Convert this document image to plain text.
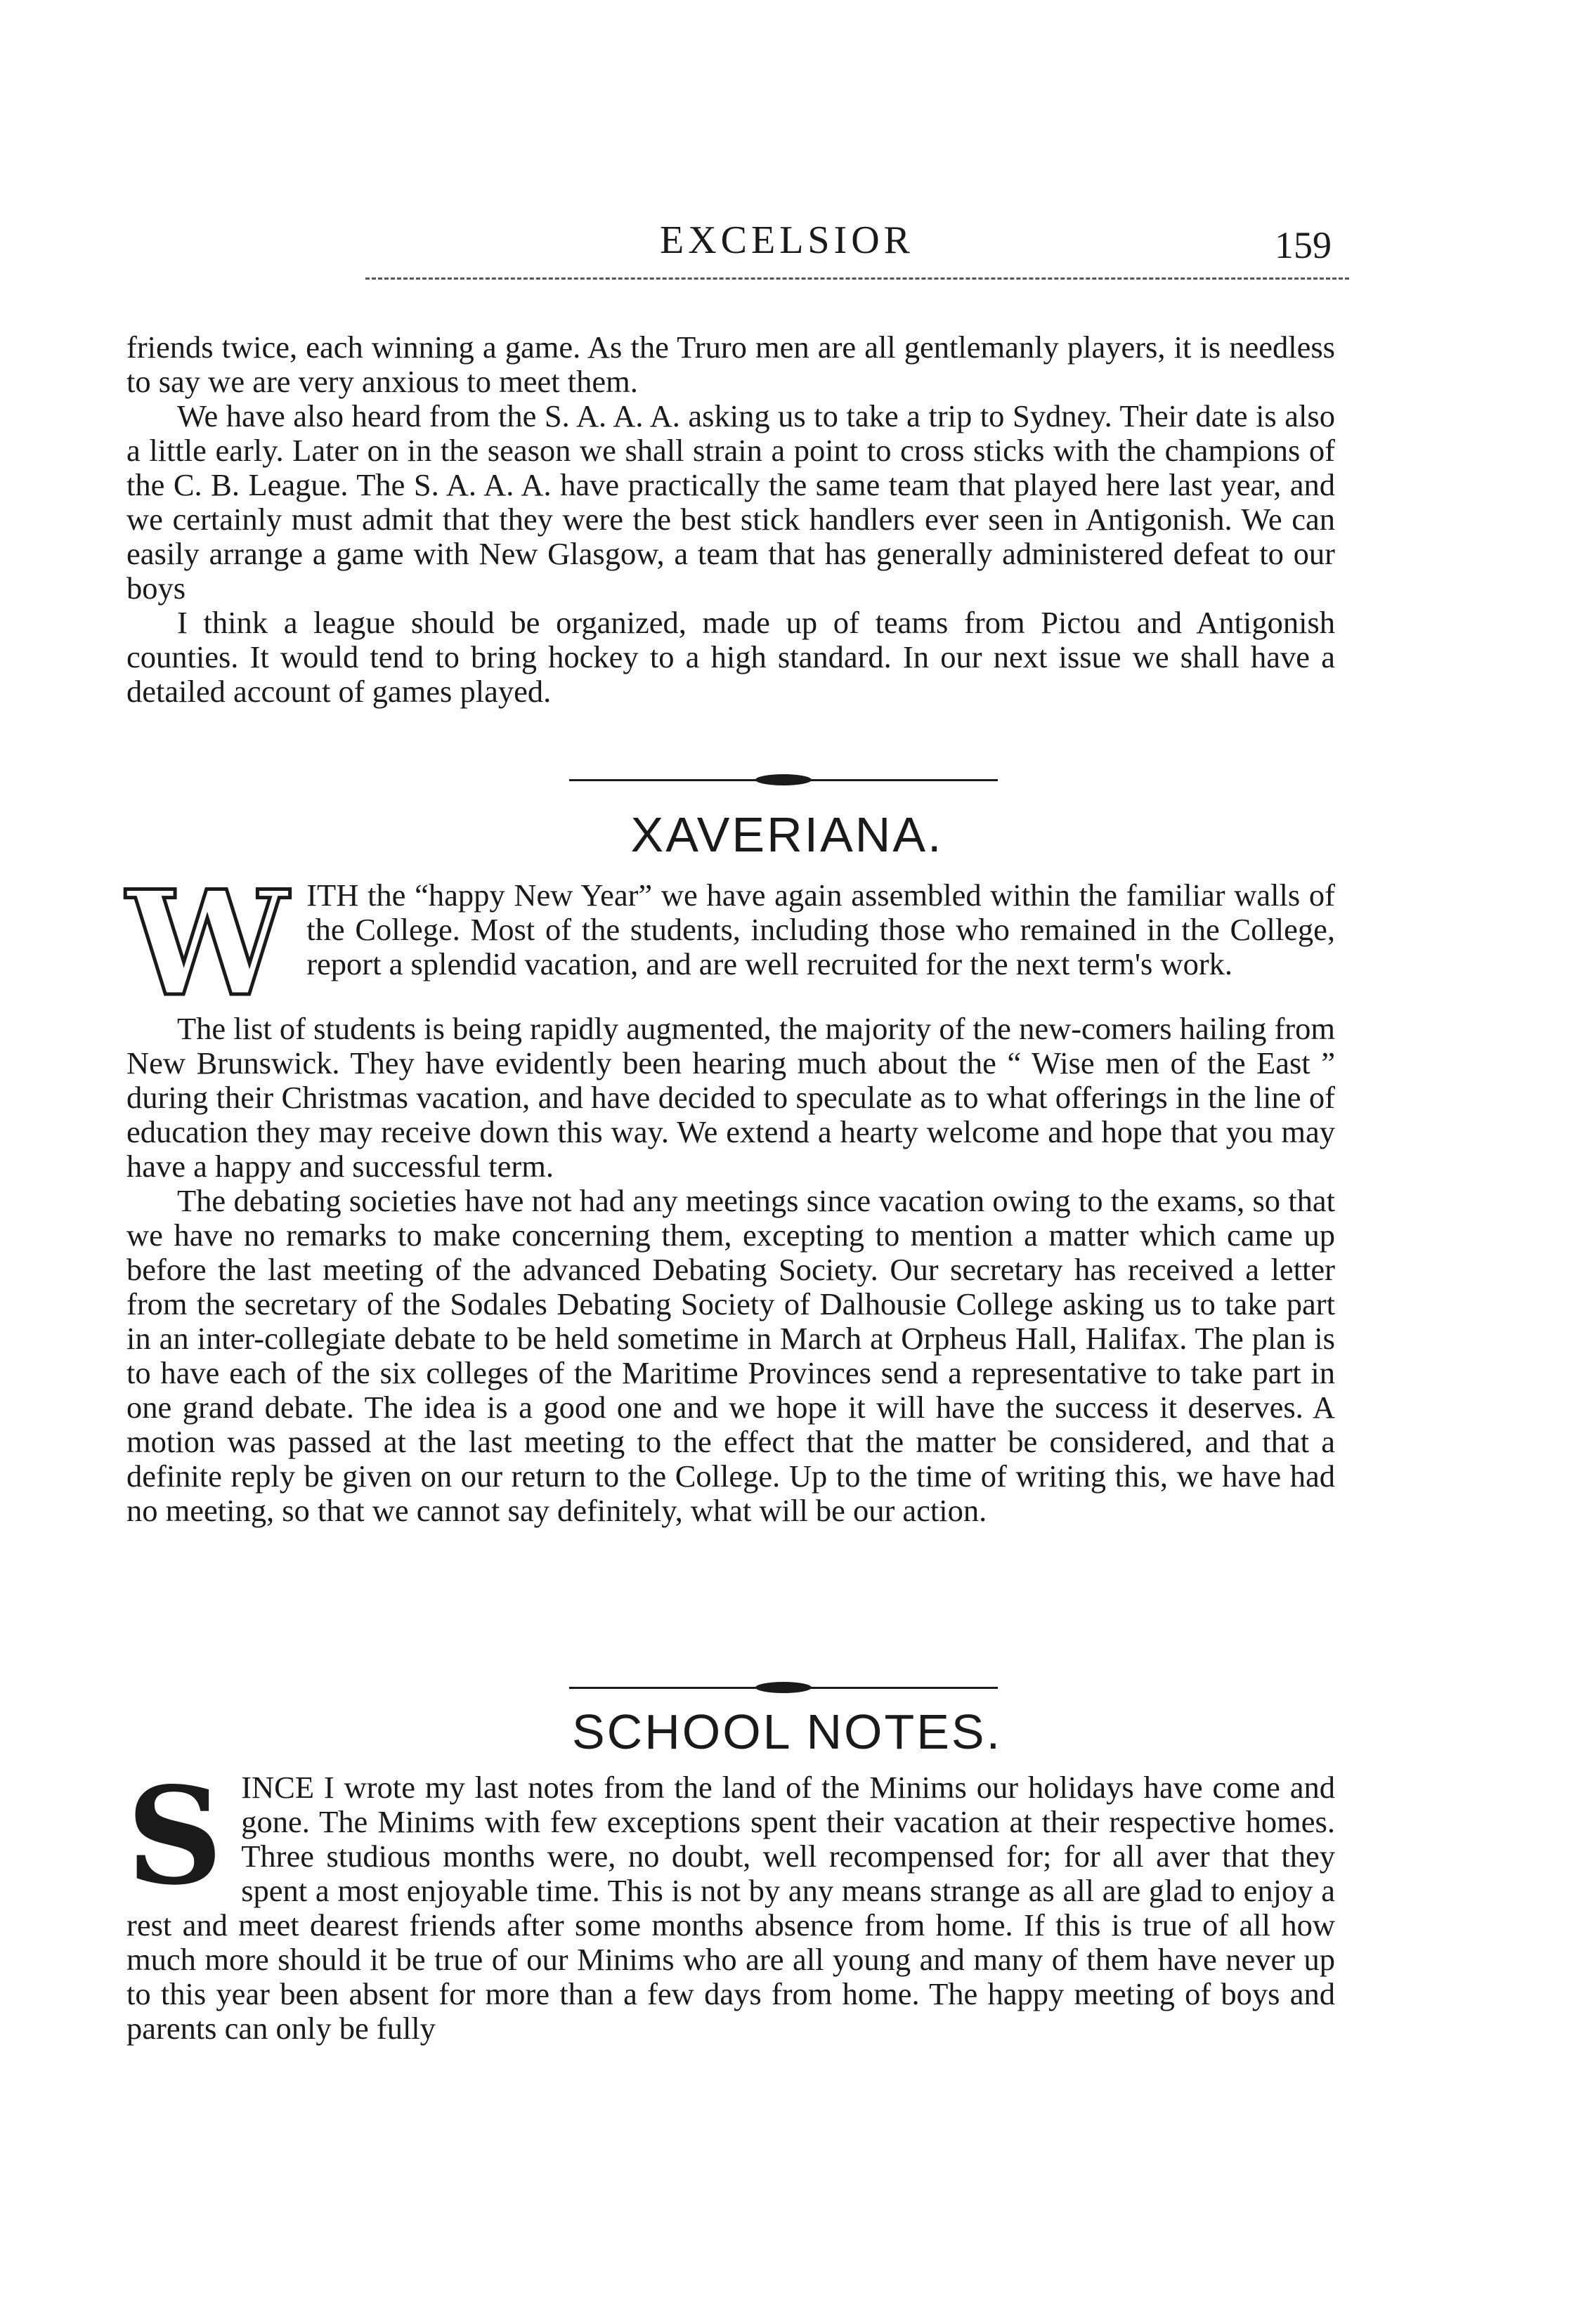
EXCELSIOR	159

friends twice, each winning a game. As the Truro men are all gentlemanly players, it is needless to say we are very anxious to meet them.

We have also heard from the S. A. A. A. asking us to take a trip to Sydney. Their date is also a little early. Later on in the season we shall strain a point to cross sticks with the champions of the C. B. League. The S. A. A. A. have practically the same team that played here last year, and we certainly must admit that they were the best stick handlers ever seen in Antigonish. We can easily arrange a game with New Glasgow, a team that has generally administered defeat to our boys

I think a league should be organized, made up of teams from Pictou and Antigonish counties. It would tend to bring hockey to a high standard. In our next issue we shall have a detailed account of games played.

XAVERIANA.

WITH the “happy New Year” we have again assembled within the familiar walls of the College. Most of the students, including those who remained in the College, report a splendid vacation, and are well recruited for the next term's work.

The list of students is being rapidly augmented, the majority of the new-comers hailing from New Brunswick. They have evidently been hearing much about the “ Wise men of the East ” during their Christmas vacation, and have decided to speculate as to what offerings in the line of education they may receive down this way. We extend a hearty welcome and hope that you may have a happy and successful term.

The debating societies have not had any meetings since vacation owing to the exams, so that we have no remarks to make concerning them, excepting to mention a matter which came up before the last meeting of the advanced Debating Society. Our secretary has received a letter from the secretary of the Sodales Debating Society of Dalhousie College asking us to take part in an inter-collegiate debate to be held sometime in March at Orpheus Hall, Halifax. The plan is to have each of the six colleges of the Maritime Provinces send a representative to take part in one grand debate. The idea is a good one and we hope it will have the success it deserves. A motion was passed at the last meeting to the effect that the matter be considered, and that a definite reply be given on our return to the College. Up to the time of writing this, we have had no meeting, so that we cannot say definitely, what will be our action.

SCHOOL NOTES.

SINCE I wrote my last notes from the land of the Minims our holidays have come and gone. The Minims with few exceptions spent their vacation at their respective homes. Three studious months were, no doubt, well recompensed for; for all aver that they spent a most enjoyable time. This is not by any means strange as all are glad to enjoy a rest and meet dearest friends after some months absence from home. If this is true of all how much more should it be true of our Minims who are all young and many of them have never up to this year been absent for more than a few days from home. The happy meeting of boys and parents can only be fully
